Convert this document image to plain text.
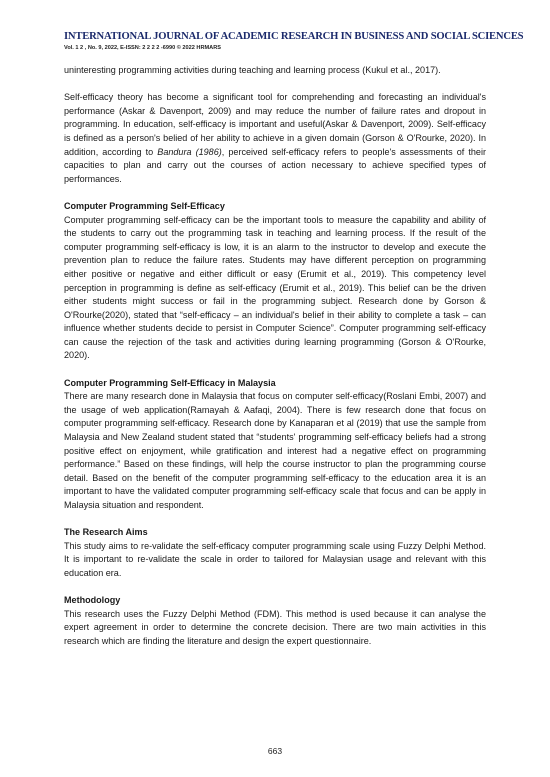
INTERNATIONAL JOURNAL OF ACADEMIC RESEARCH IN BUSINESS AND SOCIAL SCIENCES
Vol. 1 2 , No. 9, 2022, E-ISSN: 2 2 2 2 -6990 © 2022 HRMARS

uninteresting programming activities during teaching and learning process (Kukul et al., 2017).

Self-efficacy theory has become a significant tool for comprehending and forecasting an individual's performance (Askar & Davenport, 2009) and may reduce the number of failure rates and dropout in programming. In education, self-efficacy is important and useful(Askar & Davenport, 2009). Self-efficacy is defined as a person's belied of her ability to achieve in a given domain (Gorson & O'Rourke, 2020). In addition, according to Bandura (1986), perceived self-efficacy refers to people's assessments of their capacities to plan and carry out the courses of action necessary to achieve specified types of performances.

Computer Programming Self-Efficacy

Computer programming self-efficacy can be the important tools to measure the capability and ability of the students to carry out the programming task in teaching and learning process. If the result of the computer programming self-efficacy is low, it is an alarm to the instructor to develop and execute the prevention plan to reduce the failure rates. Students may have different perception on programming either positive or negative and either difficult or easy (Erumit et al., 2019). This competency level perception in programming is define as self-efficacy (Erumit et al., 2019). This belief can be the driven either students might success or fail in the programming subject. Research done by Gorson & O'Rourke(2020), stated that “self-efficacy – an individual's belief in their ability to complete a task – can influence whether students decide to persist in Computer Science”. Computer programming self-efficacy can cause the rejection of the task and activities during learning programming (Gorson & O'Rourke, 2020).

Computer Programming Self-Efficacy in Malaysia

There are many research done in Malaysia that focus on computer self-efficacy(Roslani Embi, 2007) and the usage of web application(Ramayah & Aafaqi, 2004). There is few research done that focus on computer programming self-efficacy. Research done by Kanaparan et al (2019) that use the sample from Malaysia and New Zealand student stated that “students' programming self-efficacy beliefs had a strong positive effect on enjoyment, while gratification and interest had a negative effect on programming performance.” Based on these findings, will help the course instructor to plan the programming course detail. Based on the benefit of the computer programming self-efficacy to the education area it is an important to have the validated computer programming self-efficacy scale that focus and can be apply in Malaysia situation and respondent.

The Research Aims

This study aims to re-validate the self-efficacy computer programming scale using Fuzzy Delphi Method. It is important to re-validate the scale in order to tailored for Malaysian usage and relevant with this education era.

Methodology

This research uses the Fuzzy Delphi Method (FDM). This method is used because it can analyse the expert agreement in order to determine the concrete decision. There are two main activities in this research which are finding the literature and design the expert questionnaire.

663
